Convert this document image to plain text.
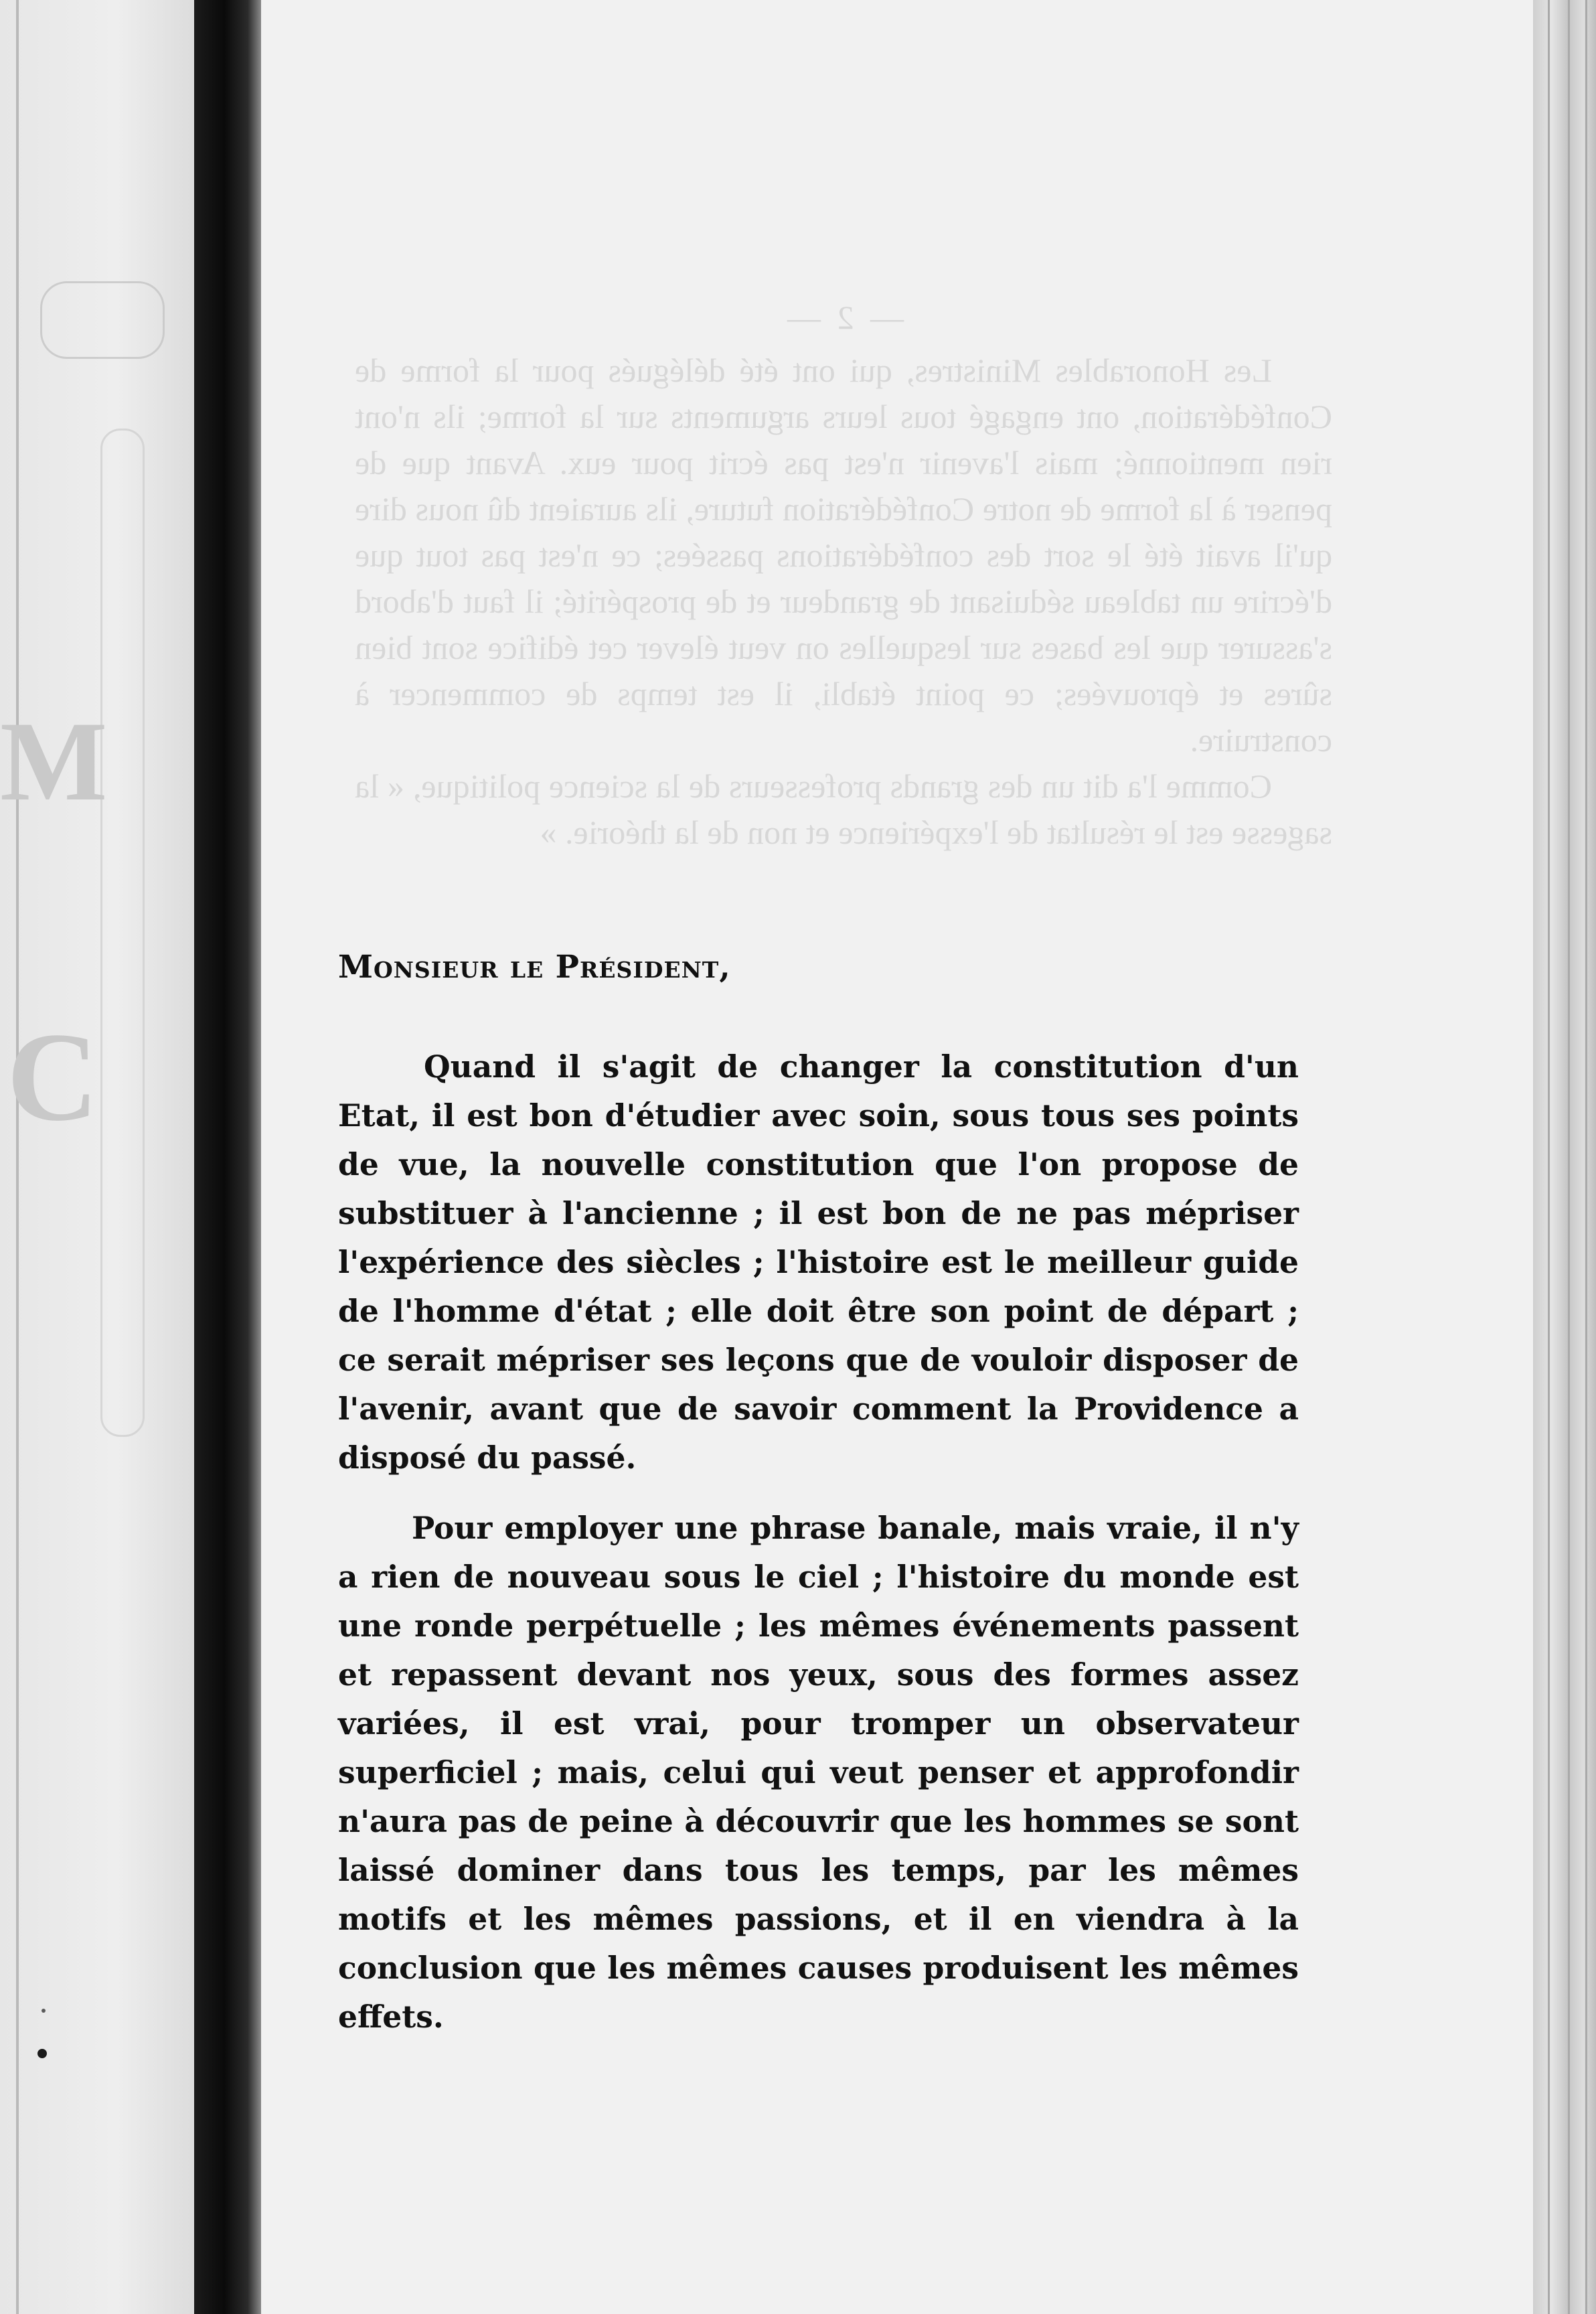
M
C

— 2 —

Les Honorables Ministres, qui ont été délégués pour la forme de Confédération, ont engagé tous leurs arguments sur la forme; ils n'ont rien mentionné; mais l'avenir n'est pas écrit pour eux. Avant que de penser à la forme de notre Confédération future, ils auraient dû nous dire qu'il avait été le sort des confédérations passées; ce n'est pas tout que d'écrire un tableau séduisant de grandeur et de prospérité; il faut d'abord s'assurer que les bases sur lesquelles on veut élever cet édifice sont bien sûres et éprouvées; ce point établi, il est temps de commencer à construire.

Comme l'a dit un des grands professeurs de la science politique, « la sagesse est le résultat de l'expérience et non de la théorie. »

Monsieur le Président,

Quand il s'agit de changer la constitution d'un Etat, il est bon d'étudier avec soin, sous tous ses points de vue, la nouvelle constitution que l'on propose de substituer à l'ancienne ; il est bon de ne pas mépriser l'expérience des siècles ; l'histoire est le meilleur guide de l'homme d'état ; elle doit être son point de départ ; ce serait mépriser ses leçons que de vouloir disposer de l'avenir, avant que de savoir comment la Providence a disposé du passé.

Pour employer une phrase banale, mais vraie, il n'y a rien de nouveau sous le ciel ; l'histoire du monde est une ronde perpétuelle ; les mêmes événements passent et repassent devant nos yeux, sous des formes assez variées, il est vrai, pour tromper un observateur superficiel ; mais, celui qui veut penser et approfondir n'aura pas de peine à découvrir que les hommes se sont laissé dominer dans tous les temps, par les mêmes motifs et les mêmes passions, et il en viendra à la conclusion que les mêmes causes produisent les mêmes effets.
